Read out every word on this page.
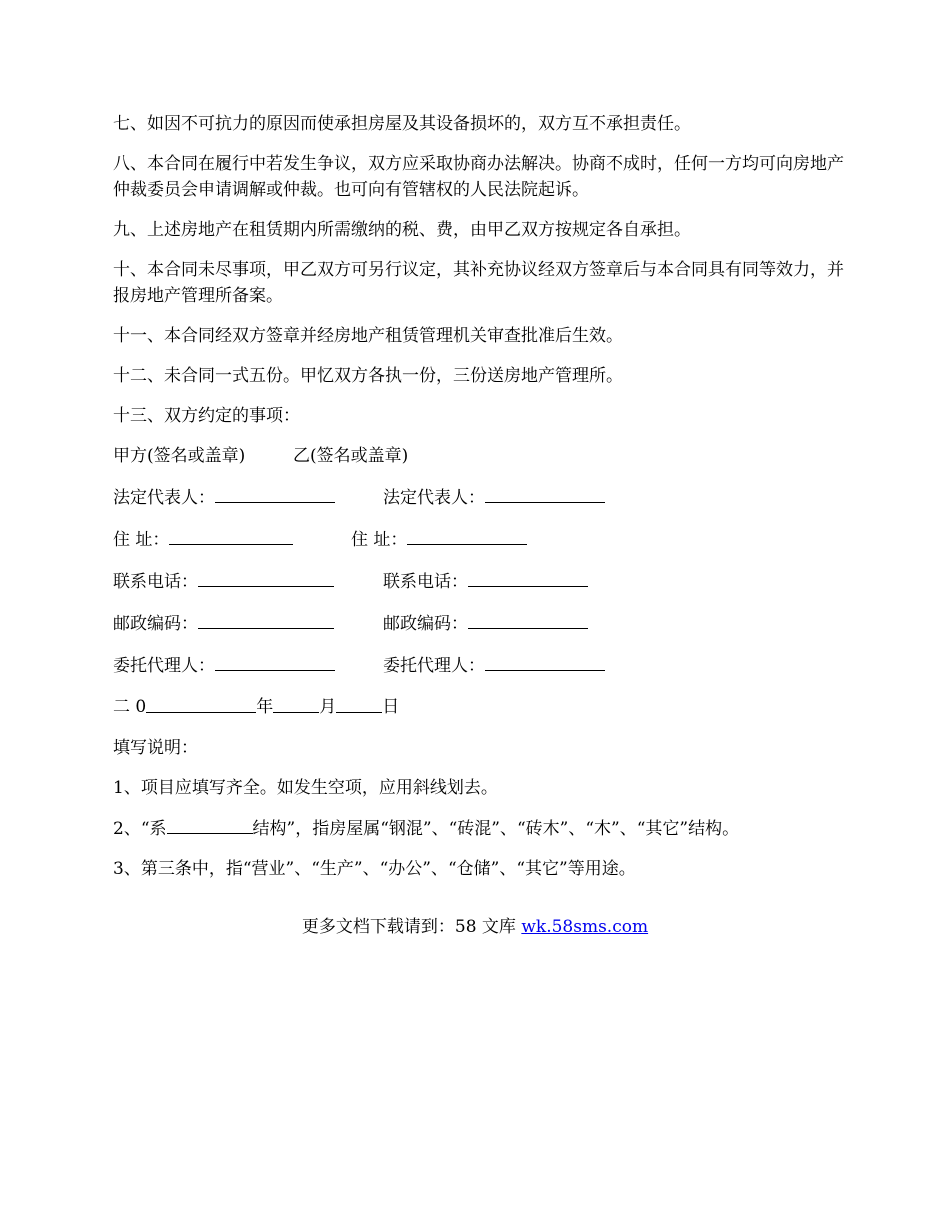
七、如因不可抗力的原因而使承担房屋及其设备损坏的，双方互不承担责任。

八、本合同在履行中若发生争议，双方应采取协商办法解决。协商不成时，任何一方均可向房地产仲裁委员会申请调解或仲裁。也可向有管辖权的人民法院起诉。

九、上述房地产在租赁期内所需缴纳的税、费，由甲乙双方按规定各自承担。

十、本合同未尽事项，甲乙双方可另行议定，其补充协议经双方签章后与本合同具有同等效力，并报房地产管理所备案。

十一、本合同经双方签章并经房地产租赁管理机关审查批准后生效。

十二、未合同一式五份。甲忆双方各执一份，三份送房地产管理所。

十三、双方约定的事项：

甲方(签名或盖章)	乙(签名或盖章)
法定代表人：	法定代表人：
住 址：	住 址：
联系电话：	联系电话：
邮政编码：	邮政编码：
委托代理人：	委托代理人：
二 0	年	月	日

填写说明：

1、项目应填写齐全。如发生空项，应用斜线划去。

2、“系	结构”，指房屋属“钢混”、“砖混”、“砖木”、“木”、“其它”结构。

3、第三条中，指“营业”、“生产”、“办公”、“仓储”、“其它”等用途。

更多文档下载请到：58 文库 wk.58sms.com
